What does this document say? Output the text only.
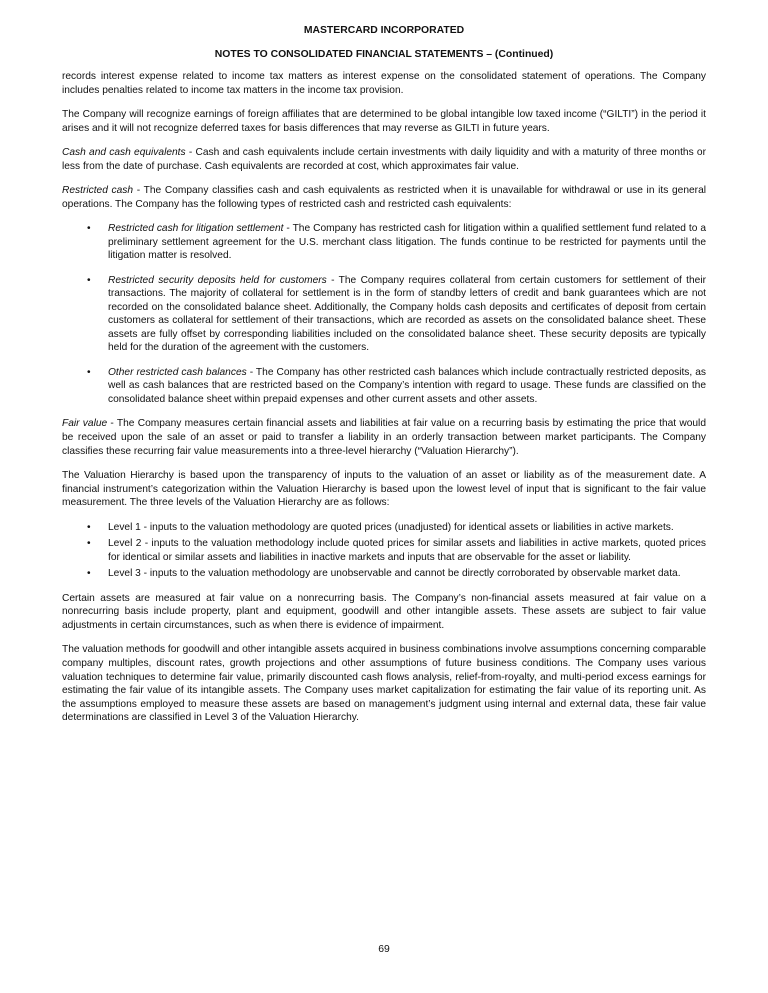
MASTERCARD INCORPORATED
NOTES TO CONSOLIDATED FINANCIAL STATEMENTS – (Continued)

records interest expense related to income tax matters as interest expense on the consolidated statement of operations. The Company includes penalties related to income tax matters in the income tax provision.

The Company will recognize earnings of foreign affiliates that are determined to be global intangible low taxed income (“GILTI”) in the period it arises and it will not recognize deferred taxes for basis differences that may reverse as GILTI in future years.

Cash and cash equivalents - Cash and cash equivalents include certain investments with daily liquidity and with a maturity of three months or less from the date of purchase. Cash equivalents are recorded at cost, which approximates fair value.

Restricted cash - The Company classifies cash and cash equivalents as restricted when it is unavailable for withdrawal or use in its general operations. The Company has the following types of restricted cash and restricted cash equivalents:

• Restricted cash for litigation settlement - The Company has restricted cash for litigation within a qualified settlement fund related to a preliminary settlement agreement for the U.S. merchant class litigation. The funds continue to be restricted for payments until the litigation matter is resolved.
• Restricted security deposits held for customers - The Company requires collateral from certain customers for settlement of their transactions. The majority of collateral for settlement is in the form of standby letters of credit and bank guarantees which are not recorded on the consolidated balance sheet. Additionally, the Company holds cash deposits and certificates of deposit from certain customers as collateral for settlement of their transactions, which are recorded as assets on the consolidated balance sheet. These assets are fully offset by corresponding liabilities included on the consolidated balance sheet. These security deposits are typically held for the duration of the agreement with the customers.
• Other restricted cash balances - The Company has other restricted cash balances which include contractually restricted deposits, as well as cash balances that are restricted based on the Company’s intention with regard to usage. These funds are classified on the consolidated balance sheet within prepaid expenses and other current assets and other assets.

Fair value - The Company measures certain financial assets and liabilities at fair value on a recurring basis by estimating the price that would be received upon the sale of an asset or paid to transfer a liability in an orderly transaction between market participants. The Company classifies these recurring fair value measurements into a three-level hierarchy (“Valuation Hierarchy”).

The Valuation Hierarchy is based upon the transparency of inputs to the valuation of an asset or liability as of the measurement date. A financial instrument’s categorization within the Valuation Hierarchy is based upon the lowest level of input that is significant to the fair value measurement. The three levels of the Valuation Hierarchy are as follows:

• Level 1 - inputs to the valuation methodology are quoted prices (unadjusted) for identical assets or liabilities in active markets.
• Level 2 - inputs to the valuation methodology include quoted prices for similar assets and liabilities in active markets, quoted prices for identical or similar assets and liabilities in inactive markets and inputs that are observable for the asset or liability.
• Level 3 - inputs to the valuation methodology are unobservable and cannot be directly corroborated by observable market data.

Certain assets are measured at fair value on a nonrecurring basis. The Company’s non-financial assets measured at fair value on a nonrecurring basis include property, plant and equipment, goodwill and other intangible assets. These assets are subject to fair value adjustments in certain circumstances, such as when there is evidence of impairment.

The valuation methods for goodwill and other intangible assets acquired in business combinations involve assumptions concerning comparable company multiples, discount rates, growth projections and other assumptions of future business conditions. The Company uses various valuation techniques to determine fair value, primarily discounted cash flows analysis, relief-from-royalty, and multi-period excess earnings for estimating the fair value of its intangible assets. The Company uses market capitalization for estimating the fair value of its reporting unit. As the assumptions employed to measure these assets are based on management’s judgment using internal and external data, these fair value determinations are classified in Level 3 of the Valuation Hierarchy.

69
